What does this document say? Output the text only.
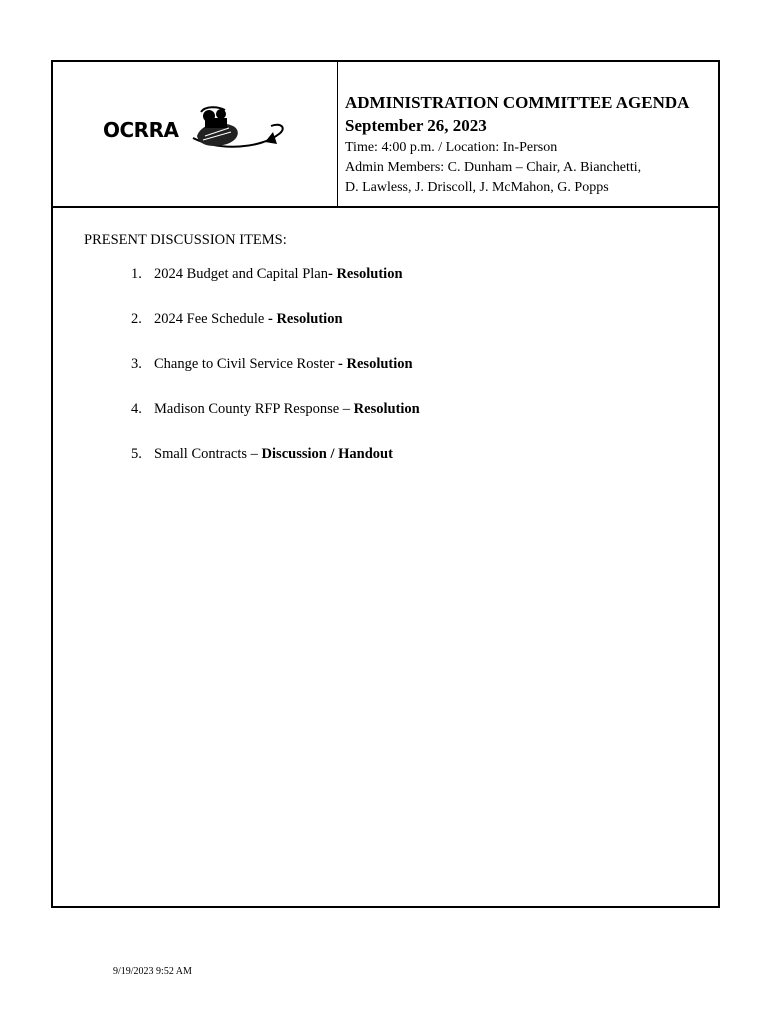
OCRRA
ADMINISTRATION COMMITTEE AGENDA
September 26, 2023
Time: 4:00 p.m. / Location: In-Person
Admin Members: C. Dunham – Chair, A. Bianchetti,
D. Lawless, J. Driscoll, J. McMahon, G. Popps
PRESENT DISCUSSION ITEMS:
1. 2024 Budget and Capital Plan- Resolution
2. 2024 Fee Schedule - Resolution
3. Change to Civil Service Roster - Resolution
4. Madison County RFP Response – Resolution
5. Small Contracts – Discussion / Handout
9/19/2023 9:52 AM
